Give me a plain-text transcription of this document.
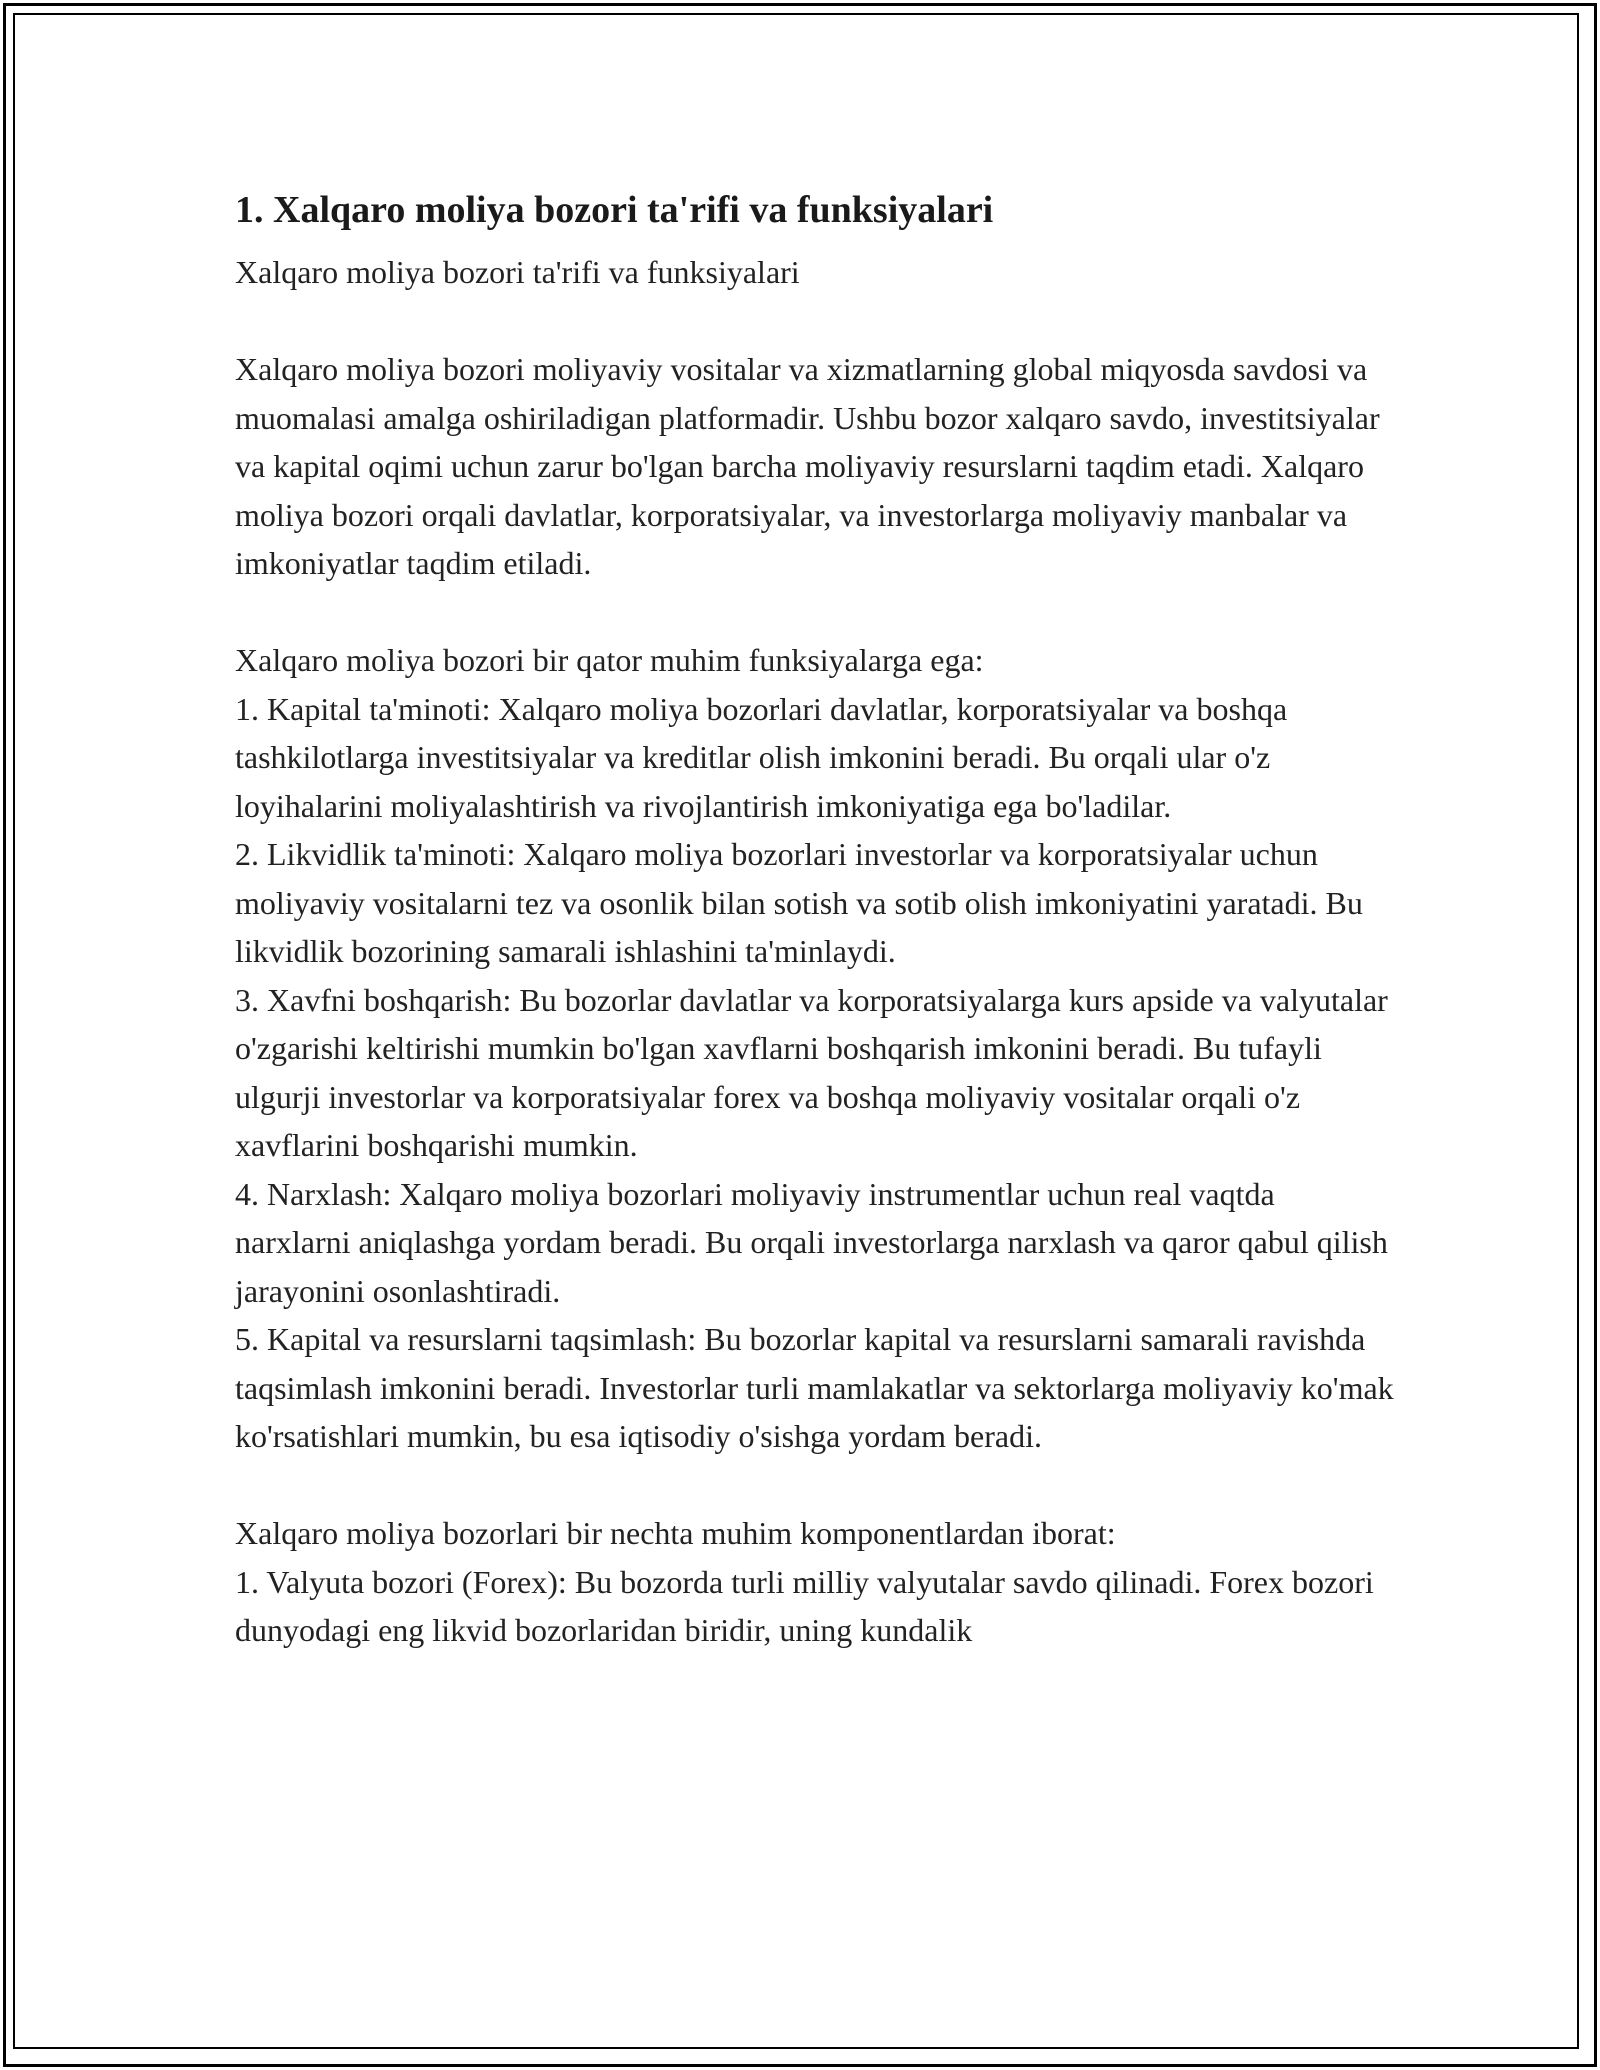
1. Xalqaro moliya bozori ta'rifi va funksiyalari

Xalqaro moliya bozori ta'rifi va funksiyalari

Xalqaro moliya bozori moliyaviy vositalar va xizmatlarning global miqyosda savdosi va muomalasi amalga oshiriladigan platformadir. Ushbu bozor xalqaro savdo, investitsiyalar va kapital oqimi uchun zarur bo'lgan barcha moliyaviy resurslarni taqdim etadi. Xalqaro moliya bozori orqali davlatlar, korporatsiyalar, va investorlarga moliyaviy manbalar va imkoniyatlar taqdim etiladi.

Xalqaro moliya bozori bir qator muhim funksiyalarga ega:

1. Kapital ta'minoti: Xalqaro moliya bozorlari davlatlar, korporatsiyalar va boshqa tashkilotlarga investitsiyalar va kreditlar olish imkonini beradi. Bu orqali ular o'z loyihalarini moliyalashtirish va rivojlantirish imkoniyatiga ega bo'ladilar.

2. Likvidlik ta'minoti: Xalqaro moliya bozorlari investorlar va korporatsiyalar uchun moliyaviy vositalarni tez va osonlik bilan sotish va sotib olish imkoniyatini yaratadi. Bu likvidlik bozorining samarali ishlashini ta'minlaydi.

3. Xavfni boshqarish: Bu bozorlar davlatlar va korporatsiyalarga kurs apside va valyutalar o'zgarishi keltirishi mumkin bo'lgan xavflarni boshqarish imkonini beradi. Bu tufayli ulgurji investorlar va korporatsiyalar forex va boshqa moliyaviy vositalar orqali o'z xavflarini boshqarishi mumkin.

4. Narxlash: Xalqaro moliya bozorlari moliyaviy instrumentlar uchun real vaqtda narxlarni aniqlashga yordam beradi. Bu orqali investorlarga narxlash va qaror qabul qilish jarayonini osonlashtiradi.

5. Kapital va resurslarni taqsimlash: Bu bozorlar kapital va resurslarni samarali ravishda taqsimlash imkonini beradi. Investorlar turli mamlakatlar va sektorlarga moliyaviy ko'mak ko'rsatishlari mumkin, bu esa iqtisodiy o'sishga yordam beradi.

Xalqaro moliya bozorlari bir nechta muhim komponentlardan iborat:

1. Valyuta bozori (Forex): Bu bozorda turli milliy valyutalar savdo qilinadi. Forex bozori dunyodagi eng likvid bozorlaridan biridir, uning kundalik
